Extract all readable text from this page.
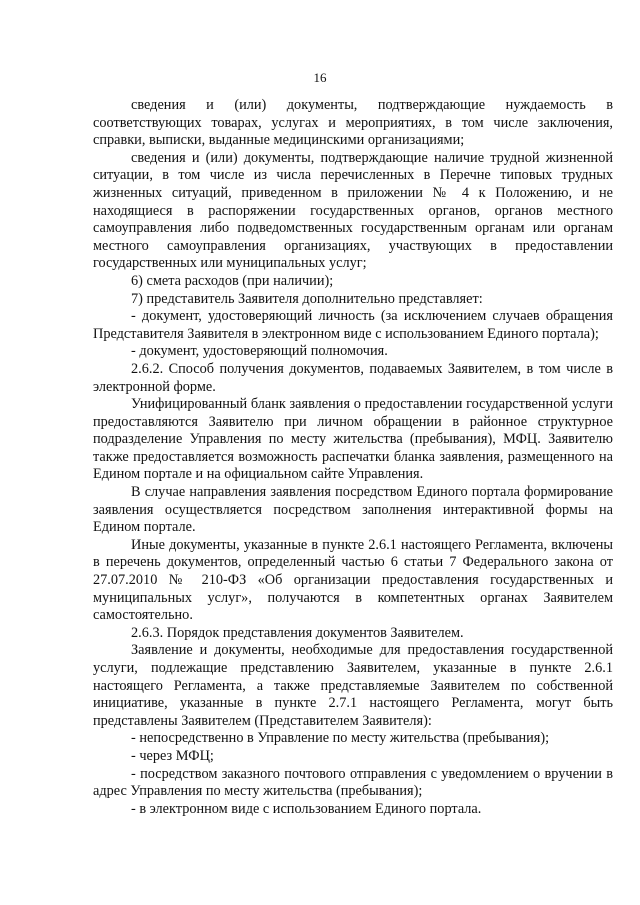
16

сведения и (или) документы, подтверждающие нуждаемость в соответствующих товарах, услугах и мероприятиях, в том числе заключения, справки, выписки, выданные медицинскими организациями;

сведения и (или) документы, подтверждающие наличие трудной жизненной ситуации, в том числе из числа перечисленных в Перечне типовых трудных жизненных ситуаций, приведенном в приложении № 4 к Положению, и не находящиеся в распоряжении государственных органов, органов местного самоуправления либо подведомственных государственным органам или органам местного самоуправления организациях, участвующих в предоставлении государственных или муниципальных услуг;

6) смета расходов (при наличии);

7) представитель Заявителя дополнительно представляет:

- документ, удостоверяющий личность (за исключением случаев обращения Представителя Заявителя в электронном виде с использованием Единого портала);

- документ, удостоверяющий полномочия.

2.6.2. Способ получения документов, подаваемых Заявителем, в том числе в электронной форме.

Унифицированный бланк заявления о предоставлении государственной услуги предоставляются Заявителю при личном обращении в районное структурное подразделение Управления по месту жительства (пребывания), МФЦ. Заявителю также предоставляется возможность распечатки бланка заявления, размещенного на Едином портале и на официальном сайте Управления.

В случае направления заявления посредством Единого портала формирование заявления осуществляется посредством заполнения интерактивной формы на Едином портале.

Иные документы, указанные в пункте 2.6.1 настоящего Регламента, включены в перечень документов, определенный частью 6 статьи 7 Федерального закона от 27.07.2010 № 210-ФЗ «Об организации предоставления государственных и муниципальных услуг», получаются в компетентных органах Заявителем самостоятельно.

2.6.3. Порядок представления документов Заявителем.

Заявление и документы, необходимые для предоставления государственной услуги, подлежащие представлению Заявителем, указанные в пункте 2.6.1 настоящего Регламента, а также представляемые Заявителем по собственной инициативе, указанные в пункте 2.7.1 настоящего Регламента, могут быть представлены Заявителем (Представителем Заявителя):

- непосредственно в Управление по месту жительства (пребывания);

- через МФЦ;

- посредством заказного почтового отправления с уведомлением о вручении в адрес Управления по месту жительства (пребывания);

- в электронном виде с использованием Единого портала.
